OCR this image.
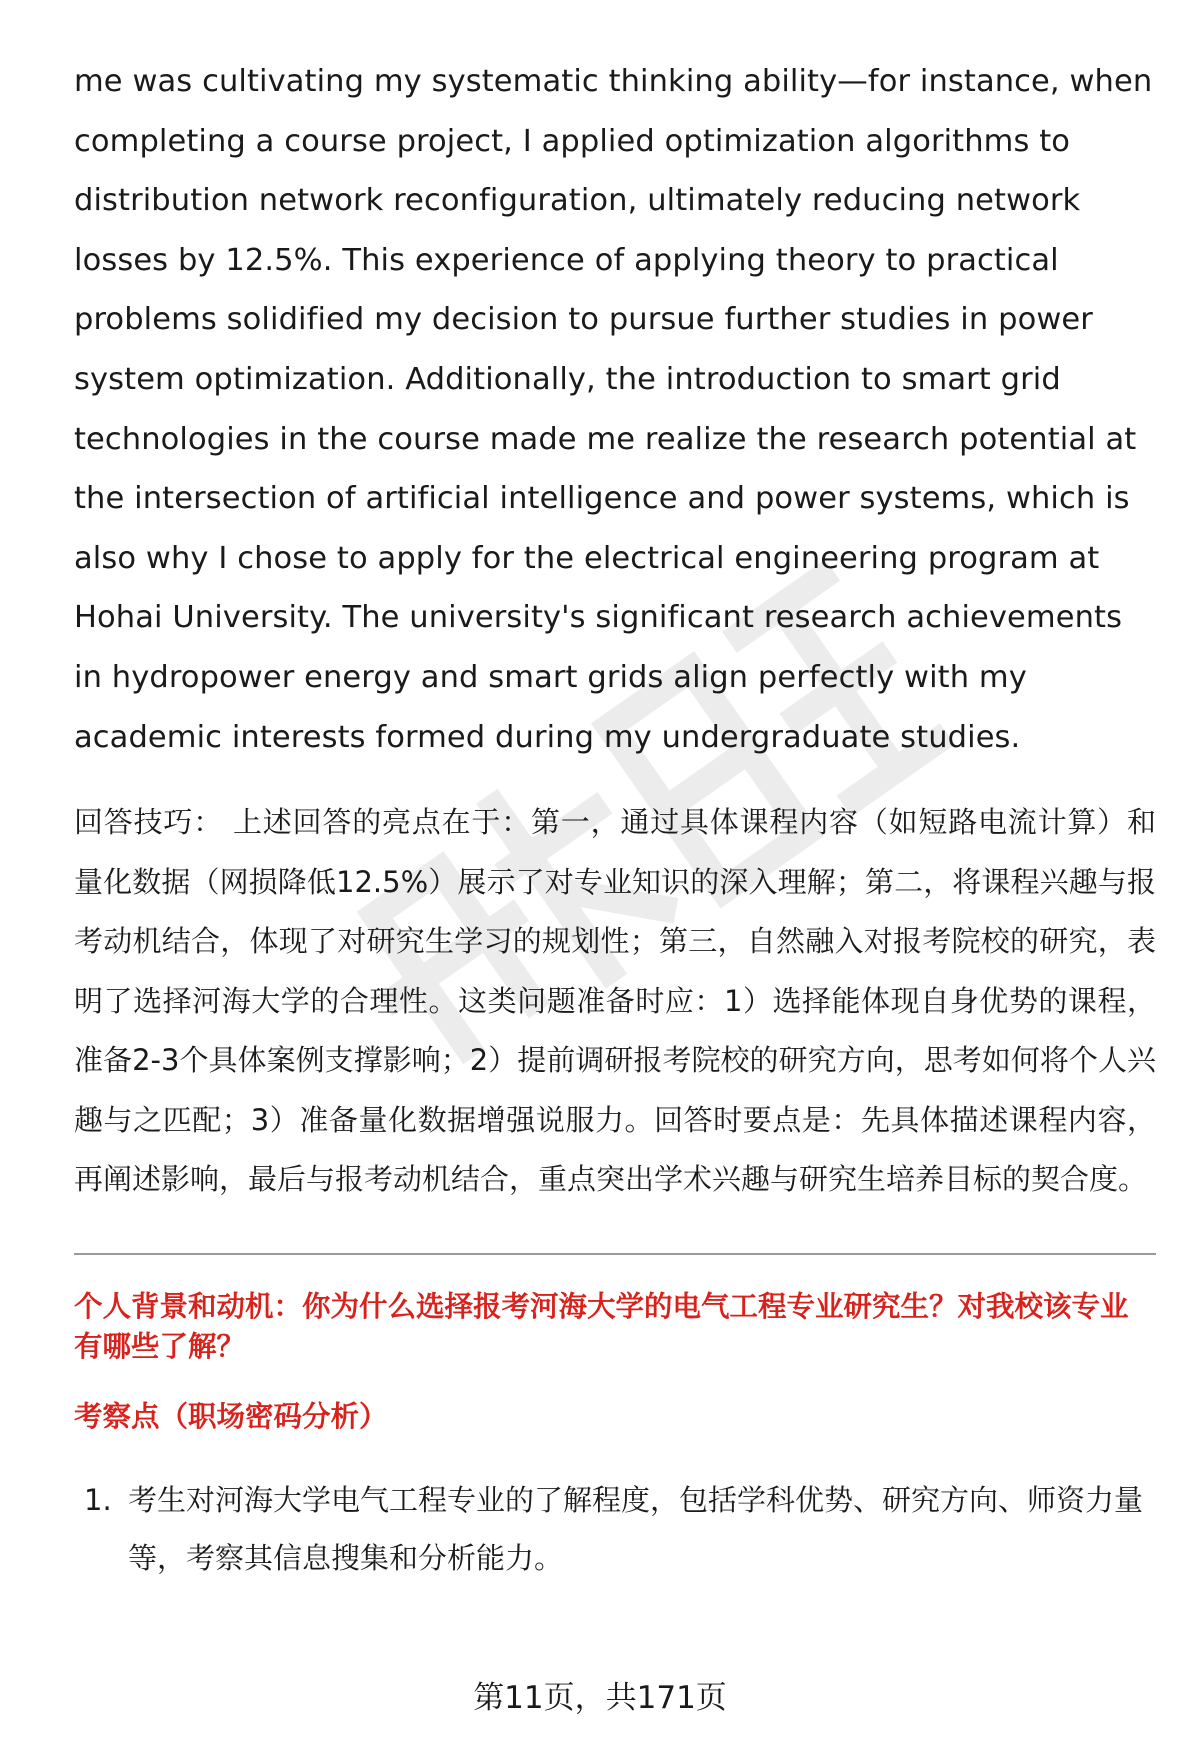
me was cultivating my systematic thinking ability—for instance, when completing a course project, I applied optimization algorithms to distribution network reconfiguration, ultimately reducing network losses by 12.5%. This experience of applying theory to practical problems solidified my decision to pursue further studies in power system optimization. Additionally, the introduction to smart grid technologies in the course made me realize the research potential at the intersection of artificial intelligence and power systems, which is also why I chose to apply for the electrical engineering program at Hohai University. The university's significant research achievements in hydropower energy and smart grids align perfectly with my academic interests formed during my undergraduate studies.

回答技巧： 上述回答的亮点在于：第一，通过具体课程内容（如短路电流计算）和量化数据（网损降低12.5%）展示了对专业知识的深入理解；第二，将课程兴趣与报考动机结合，体现了对研究生学习的规划性；第三，自然融入对报考院校的研究，表明了选择河海大学的合理性。这类问题准备时应：1）选择能体现自身优势的课程，准备2-3个具体案例支撑影响；2）提前调研报考院校的研究方向，思考如何将个人兴趣与之匹配；3）准备量化数据增强说服力。回答时要点是：先具体描述课程内容，再阐述影响，最后与报考动机结合，重点突出学术兴趣与研究生培养目标的契合度。

个人背景和动机：你为什么选择报考河海大学的电气工程专业研究生？对我校该专业有哪些了解？
考察点（职场密码分析）
1. 考生对河海大学电气工程专业的了解程度，包括学科优势、研究方向、师资力量等，考察其信息搜集和分析能力。
第11页，共171页
